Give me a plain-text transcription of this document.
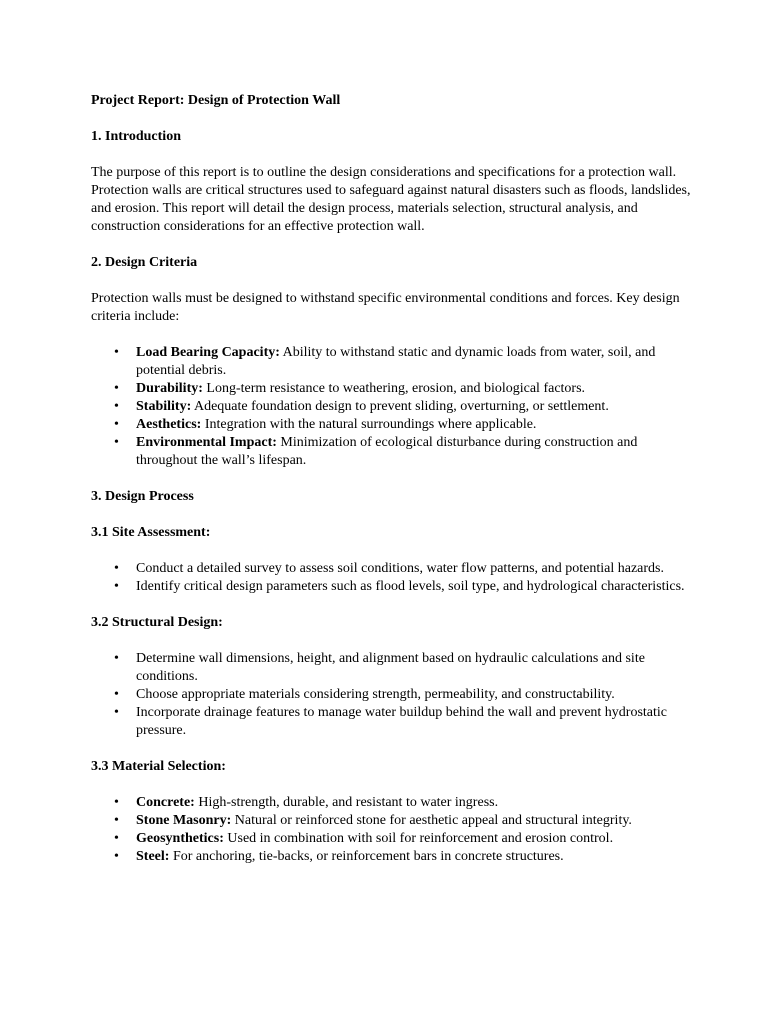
Project Report: Design of Protection Wall
1. Introduction

The purpose of this report is to outline the design considerations and specifications for a protection wall. Protection walls are critical structures used to safeguard against natural disasters such as floods, landslides, and erosion. This report will detail the design process, materials selection, structural analysis, and construction considerations for an effective protection wall.

2. Design Criteria

Protection walls must be designed to withstand specific environmental conditions and forces. Key design criteria include:

• Load Bearing Capacity: Ability to withstand static and dynamic loads from water, soil, and potential debris.
• Durability: Long-term resistance to weathering, erosion, and biological factors.
• Stability: Adequate foundation design to prevent sliding, overturning, or settlement.
• Aesthetics: Integration with the natural surroundings where applicable.
• Environmental Impact: Minimization of ecological disturbance during construction and throughout the wall’s lifespan.
3. Design Process
3.1 Site Assessment:
• Conduct a detailed survey to assess soil conditions, water flow patterns, and potential hazards.
• Identify critical design parameters such as flood levels, soil type, and hydrological characteristics.
3.2 Structural Design:
• Determine wall dimensions, height, and alignment based on hydraulic calculations and site conditions.
• Choose appropriate materials considering strength, permeability, and constructability.
• Incorporate drainage features to manage water buildup behind the wall and prevent hydrostatic pressure.
3.3 Material Selection:
• Concrete: High-strength, durable, and resistant to water ingress.
• Stone Masonry: Natural or reinforced stone for aesthetic appeal and structural integrity.
• Geosynthetics: Used in combination with soil for reinforcement and erosion control.
• Steel: For anchoring, tie-backs, or reinforcement bars in concrete structures.
